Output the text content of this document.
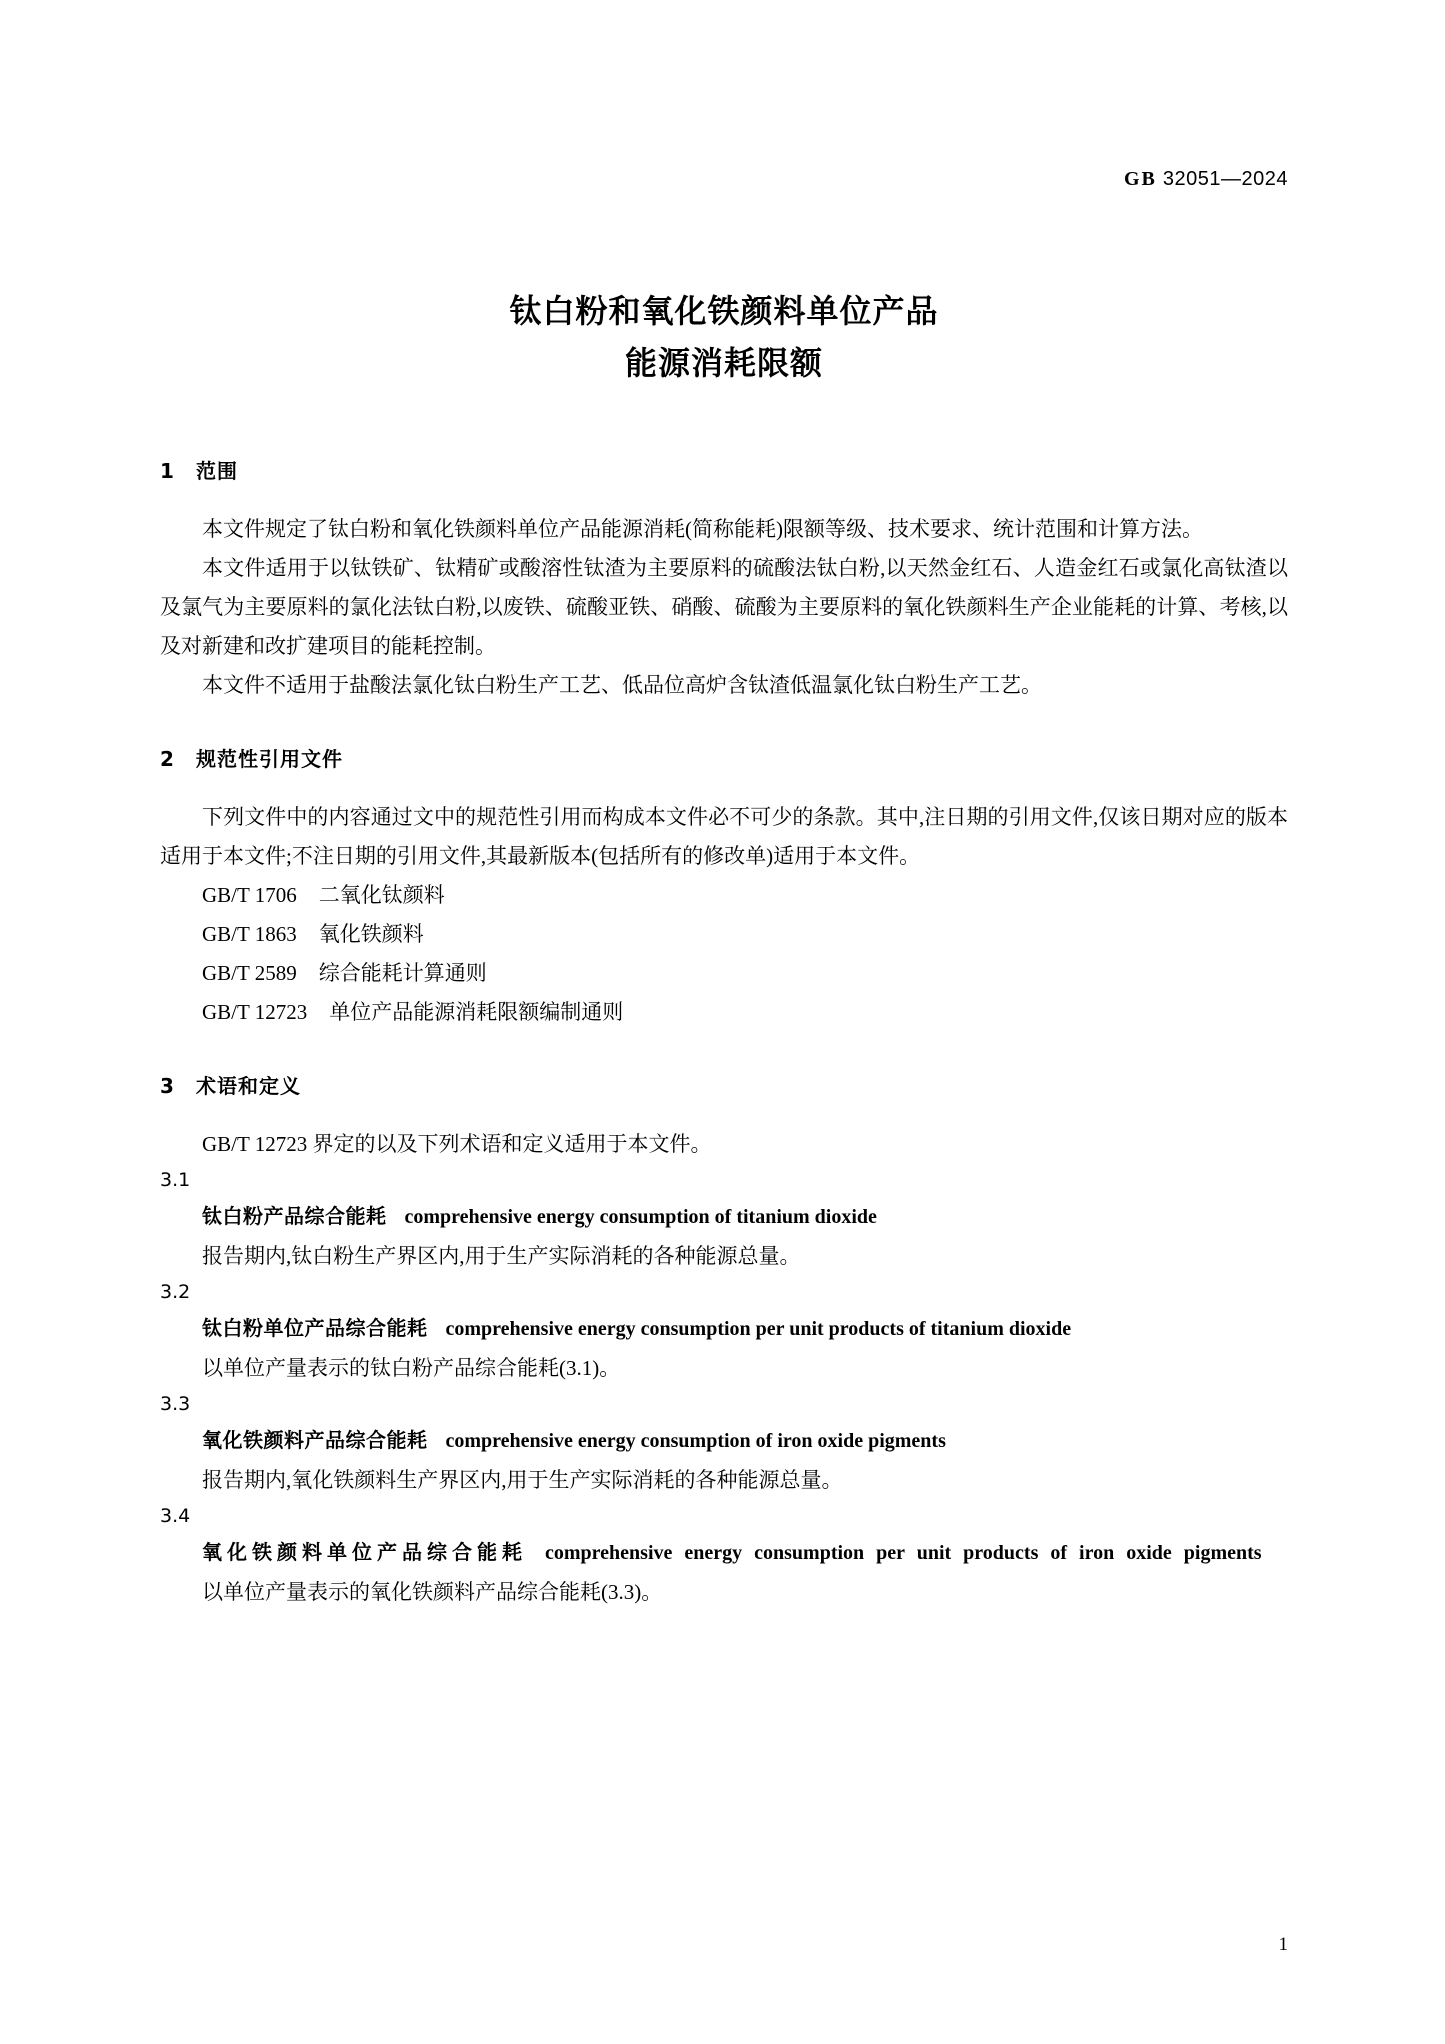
GB 32051—2024
钛白粉和氧化铁颜料单位产品
能源消耗限额

1 范围

本文件规定了钛白粉和氧化铁颜料单位产品能源消耗(简称能耗)限额等级、技术要求、统计范围和计算方法。

本文件适用于以钛铁矿、钛精矿或酸溶性钛渣为主要原料的硫酸法钛白粉,以天然金红石、人造金红石或氯化高钛渣以及氯气为主要原料的氯化法钛白粉,以废铁、硫酸亚铁、硝酸、硫酸为主要原料的氧化铁颜料生产企业能耗的计算、考核,以及对新建和改扩建项目的能耗控制。

本文件不适用于盐酸法氯化钛白粉生产工艺、低品位高炉含钛渣低温氯化钛白粉生产工艺。

2 规范性引用文件

下列文件中的内容通过文中的规范性引用而构成本文件必不可少的条款。其中,注日期的引用文件,仅该日期对应的版本适用于本文件;不注日期的引用文件,其最新版本(包括所有的修改单)适用于本文件。

GB/T 1706 二氧化钛颜料

GB/T 1863 氧化铁颜料

GB/T 2589 综合能耗计算通则

GB/T 12723 单位产品能源消耗限额编制通则

3 术语和定义

GB/T 12723 界定的以及下列术语和定义适用于本文件。

3.1

钛白粉产品综合能耗 comprehensive energy consumption of titanium dioxide

报告期内,钛白粉生产界区内,用于生产实际消耗的各种能源总量。

3.2

钛白粉单位产品综合能耗 comprehensive energy consumption per unit products of titanium dioxide

以单位产量表示的钛白粉产品综合能耗(3.1)。

3.3

氧化铁颜料产品综合能耗 comprehensive energy consumption of iron oxide pigments

报告期内,氧化铁颜料生产界区内,用于生产实际消耗的各种能源总量。

3.4

氧化铁颜料单位产品综合能耗 comprehensive energy consumption per unit products of iron oxide pigments

以单位产量表示的氧化铁颜料产品综合能耗(3.3)。

1
